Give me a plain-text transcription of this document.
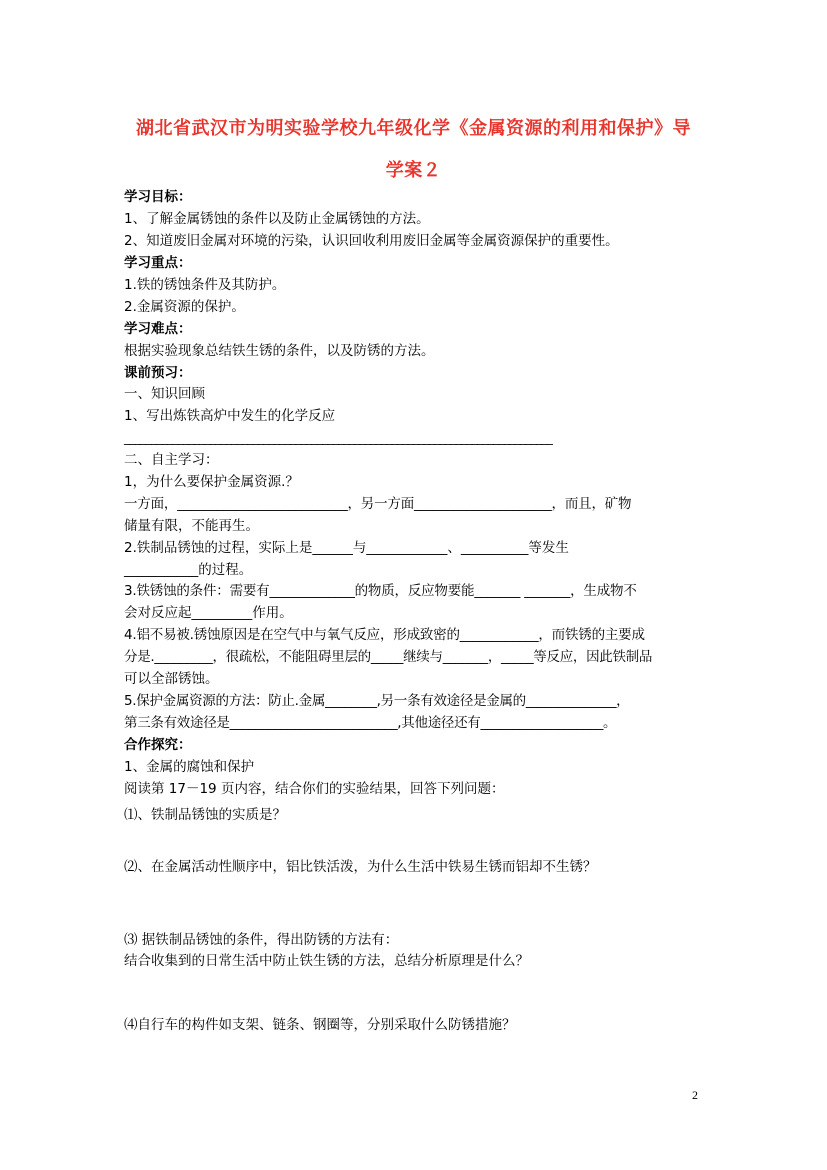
湖北省武汉市为明实验学校九年级化学《金属资源的利用和保护》导
学案２
学习目标：
1、了解金属锈蚀的条件以及防止金属锈蚀的方法。
2、知道废旧金属对环境的污染，认识回收利用废旧金属等金属资源保护的重要性。
学习重点：
1.铁的锈蚀条件及其防护。
2.金属资源的保护。
学习难点：
根据实验现象总结铁生锈的条件，以及防锈的方法。
课前预习：
一、知识回顾
1、写出炼铁高炉中发生的化学反应
________________________________________________________________________________
二、自主学习：
1，为什么要保护金属资源.？
一方面，__________________________，另一方面_____________________，而且，矿物
储量有限，不能再生。
2.铁制品锈蚀的过程，实际上是______与____________、__________等发生
___________的过程。
3.铁锈蚀的条件：需要有_____________的物质，反应物要能_______ _______，生成物不
会对反应起_________作用。
4.铝不易被.锈蚀原因是在空气中与氧气反应，形成致密的____________，而铁锈的主要成
分是._________，很疏松，不能阻碍里层的_____继续与_______，_____等反应，因此铁制品
可以全部锈蚀。
5.保护金属资源的方法：防止.金属________,另一条有效途径是金属的______________，
第三条有效途径是__________________________,其他途径还有___________________。
合作探究：
1、金属的腐蚀和保护
阅读第 17－19 页内容，结合你们的实验结果，回答下列问题：
⑴、铁制品锈蚀的实质是？
⑵、在金属活动性顺序中，铝比铁活泼，为什么生活中铁易生锈而铝却不生锈？
⑶ 据铁制品锈蚀的条件，得出防锈的方法有：
结合收集到的日常生活中防止铁生锈的方法，总结分析原理是什么？
⑷自行车的构件如支架、链条、钢圈等，分别采取什么防锈措施？
2
